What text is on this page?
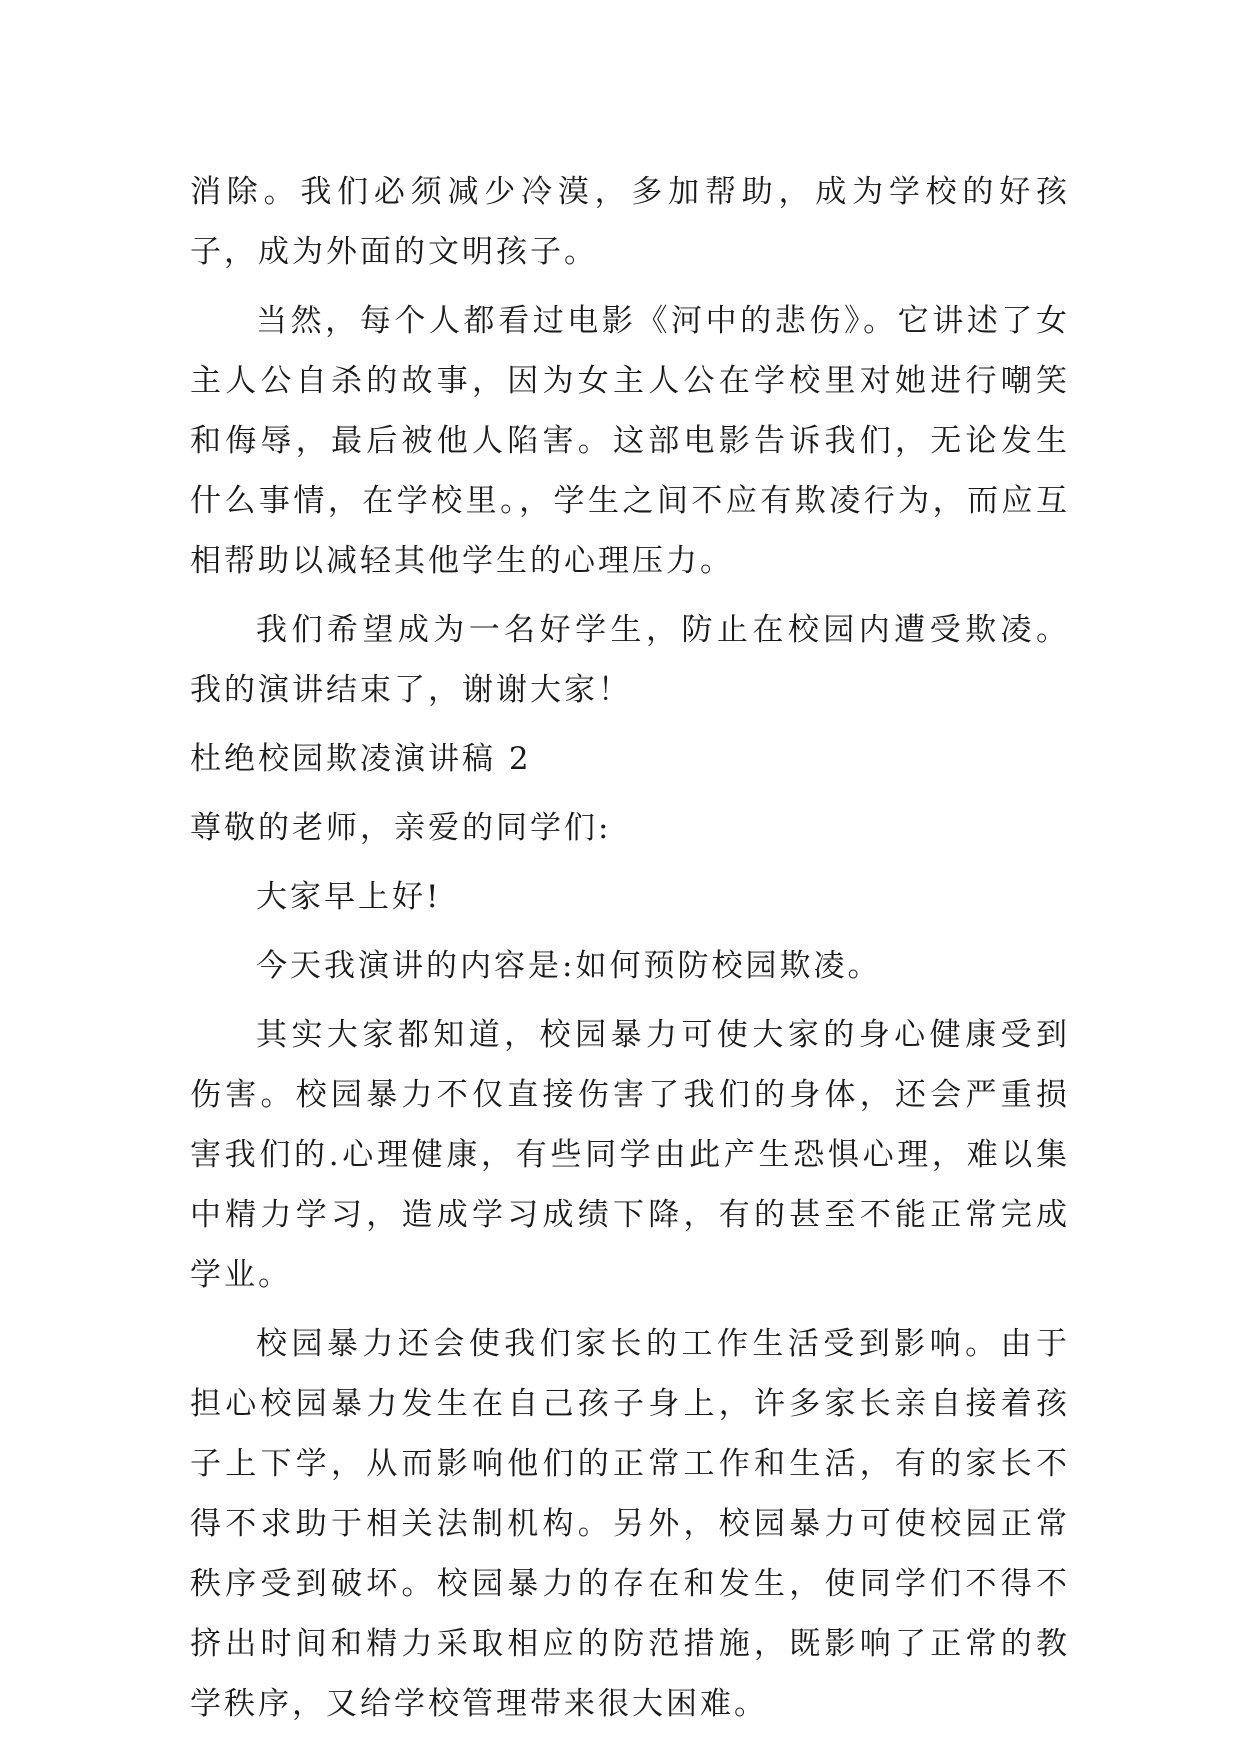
消除。我们必须减少冷漠，多加帮助，成为学校的好孩子，成为外面的文明孩子。

当然，每个人都看过电影《河中的悲伤》。它讲述了女主人公自杀的故事，因为女主人公在学校里对她进行嘲笑和侮辱，最后被他人陷害。这部电影告诉我们，无论发生什么事情，在学校里。，学生之间不应有欺凌行为，而应互相帮助以减轻其他学生的心理压力。

我们希望成为一名好学生，防止在校园内遭受欺凌。我的演讲结束了，谢谢大家！

杜绝校园欺凌演讲稿 2

尊敬的老师，亲爱的同学们:

大家早上好!

今天我演讲的内容是:如何预防校园欺凌。

其实大家都知道，校园暴力可使大家的身心健康受到伤害。校园暴力不仅直接伤害了我们的身体，还会严重损害我们的.心理健康，有些同学由此产生恐惧心理，难以集中精力学习，造成学习成绩下降，有的甚至不能正常完成学业。

校园暴力还会使我们家长的工作生活受到影响。由于担心校园暴力发生在自己孩子身上，许多家长亲自接着孩子上下学，从而影响他们的正常工作和生活，有的家长不得不求助于相关法制机构。另外，校园暴力可使校园正常秩序受到破坏。校园暴力的存在和发生，使同学们不得不挤出时间和精力采取相应的防范措施，既影响了正常的教学秩序，又给学校管理带来很大困难。
